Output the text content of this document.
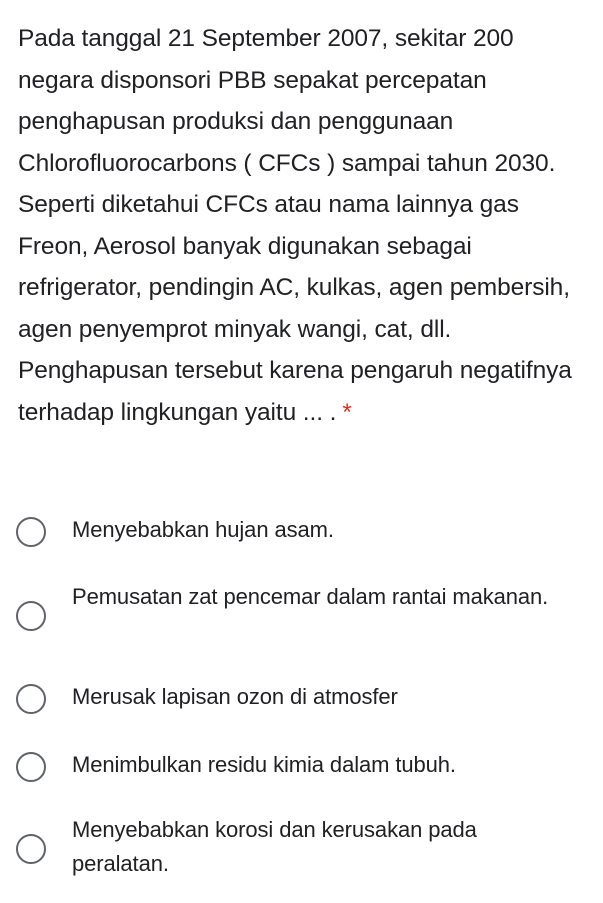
Pada tanggal 21 September 2007, sekitar 200 negara disponsori PBB sepakat percepatan penghapusan produksi dan penggunaan Chlorofluorocarbons ( CFCs ) sampai tahun 2030. Seperti diketahui CFCs atau nama lainnya gas Freon, Aerosol banyak digunakan sebagai refrigerator, pendingin AC, kulkas, agen pembersih, agen penyemprot minyak wangi, cat, dll. Penghapusan tersebut karena pengaruh negatifnya terhadap lingkungan yaitu ... . *

Menyebabkan hujan asam.
Pemusatan zat pencemar dalam rantai makanan.
Merusak lapisan ozon di atmosfer
Menimbulkan residu kimia dalam tubuh.
Menyebabkan korosi dan kerusakan pada peralatan.
